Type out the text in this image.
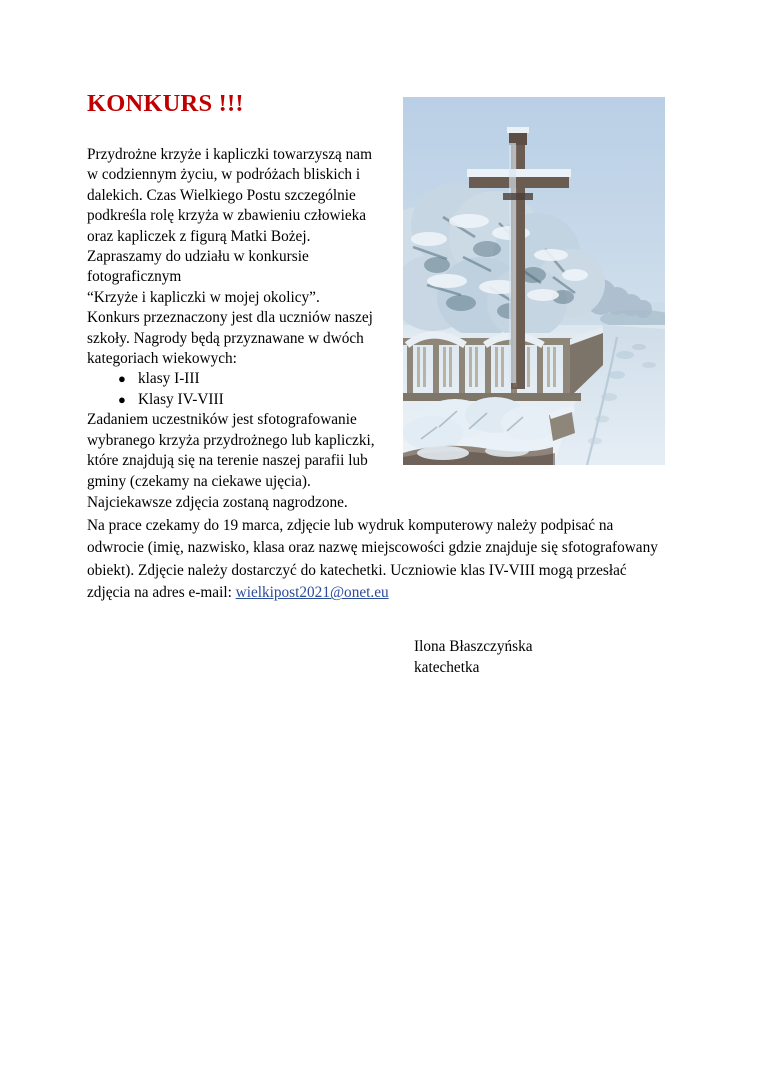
KONKURS !!!

Przydrożne krzyże i kapliczki towarzyszą nam
w codziennym życiu, w podróżach bliskich i
dalekich. Czas Wielkiego Postu szczególnie
podkreśla rolę krzyża w zbawieniu człowieka
oraz kapliczek z figurą Matki Bożej.
Zapraszamy do udziału w konkursie
fotograficznym
“Krzyże i kapliczki w mojej okolicy”.
Konkurs przeznaczony jest dla uczniów naszej
szkoły. Nagrody będą przyznawane w dwóch
kategoriach wiekowych:

● klasy I-III
● Klasy IV-VIII

Zadaniem uczestników jest sfotografowanie
wybranego krzyża przydrożnego lub kapliczki,
które znajdują się na terenie naszej parafii lub
gminy (czekamy na ciekawe ujęcia).

Najciekawsze zdjęcia zostaną nagrodzone.
Na prace czekamy do 19 marca, zdjęcie lub wydruk komputerowy należy podpisać na
odwrocie (imię, nazwisko, klasa oraz nazwę miejscowości gdzie znajduje się sfotografowany
obiekt). Zdjęcie należy dostarczyć do katechetki. Uczniowie klas IV-VIII mogą przesłać
zdjęcia na adres e-mail: wielkipost2021@onet.eu

Ilona Błaszczyńska
katechetka
